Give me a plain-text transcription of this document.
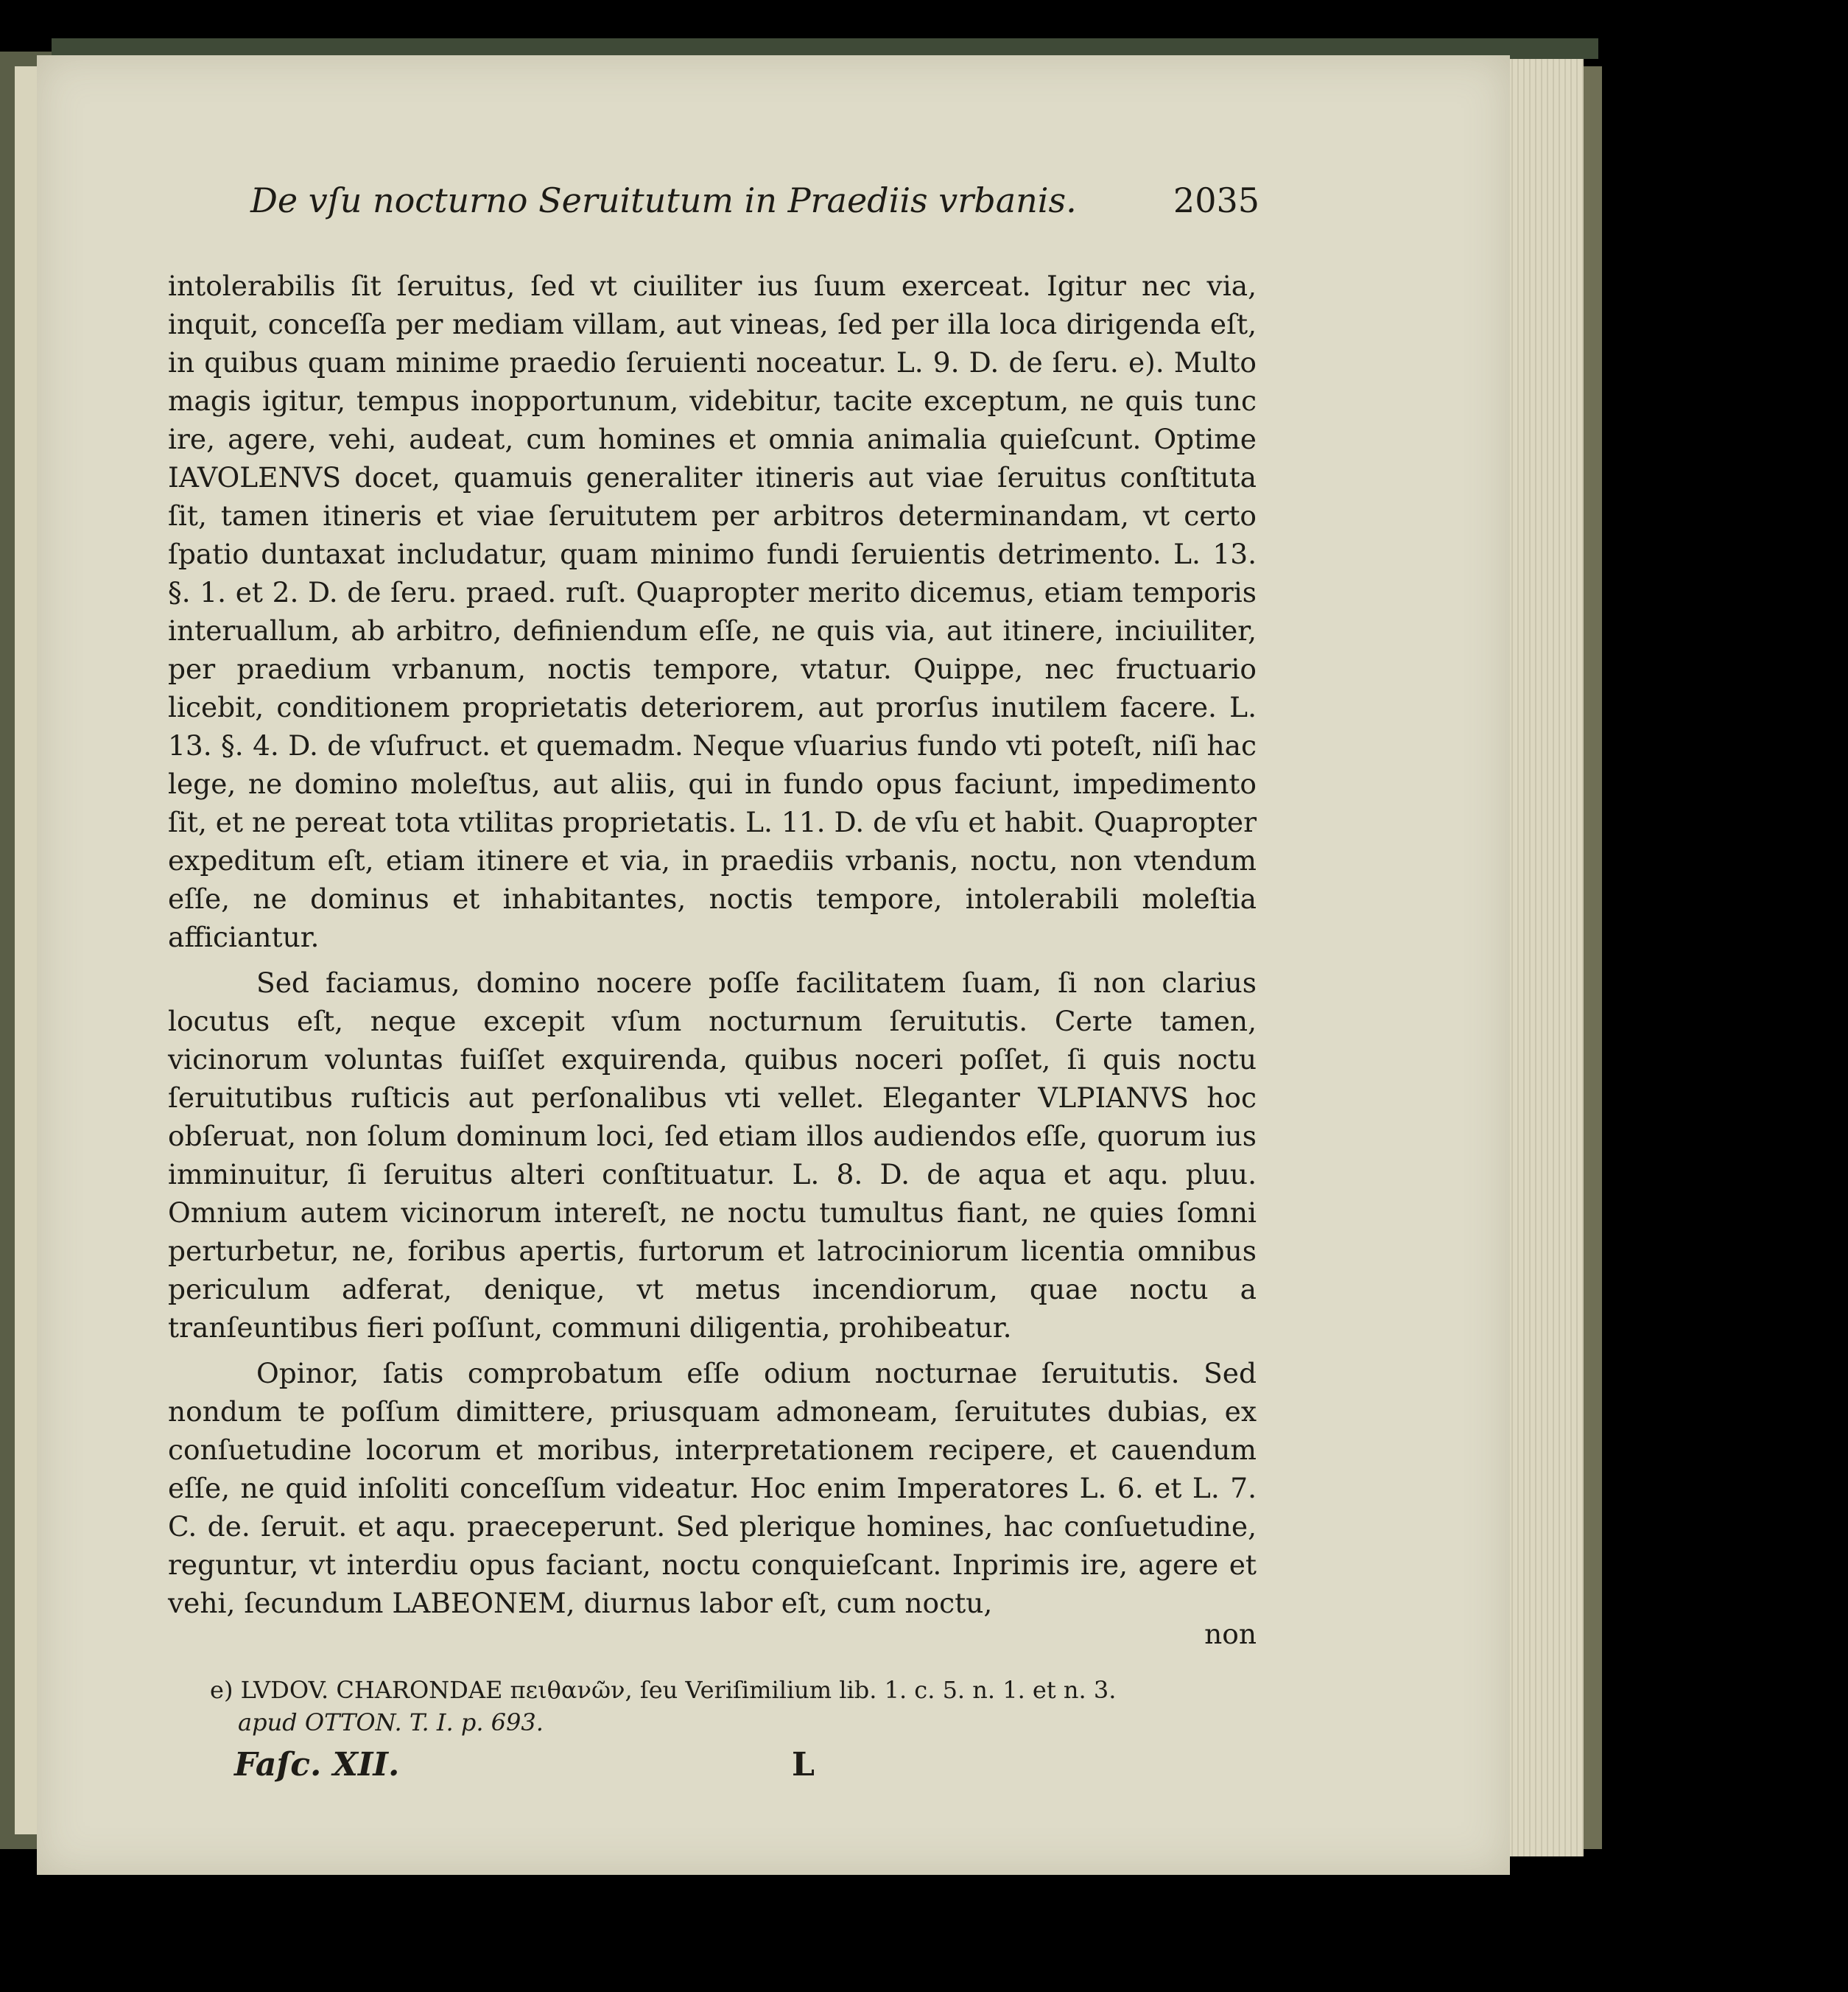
De vſu nocturno Seruitutum in Praediis vrbanis.	2035

intolerabilis ſit ſeruitus, ſed vt ciuiliter ius ſuum exerceat. Igitur nec via, inquit, conceſſa per mediam villam, aut vineas, ſed per illa loca dirigenda eſt, in quibus quam minime praedio ſeruienti noceatur. L. 9. D. de ſeru. e). Multo magis igitur, tempus inopportunum, videbitur, tacite exceptum, ne quis tunc ire, agere, vehi, audeat, cum homines et omnia animalia quieſcunt. Optime IAVOLENVS docet, quamuis generaliter itineris aut viae ſeruitus conſtituta ſit, tamen itineris et viae ſeruitutem per arbitros determinandam, vt certo ſpatio duntaxat includatur, quam minimo fundi ſeruientis detrimento. L. 13. §. 1. et 2. D. de ſeru. praed. ruſt. Quapropter merito dicemus, etiam temporis interuallum, ab arbitro, definiendum eſſe, ne quis via, aut itinere, inciuiliter, per praedium vrbanum, noctis tempore, vtatur. Quippe, nec fructuario licebit, conditionem proprietatis deteriorem, aut prorſus inutilem facere. L. 13. §. 4. D. de vſufruct. et quemadm. Neque vſuarius fundo vti poteſt, niſi hac lege, ne domino moleſtus, aut aliis, qui in fundo opus faciunt, impedimento ſit, et ne pereat tota vtilitas proprietatis. L. 11. D. de vſu et habit. Quapropter expeditum eſt, etiam itinere et via, in praediis vrbanis, noctu, non vtendum eſſe, ne dominus et inhabitantes, noctis tempore, intolerabili moleſtia afficiantur.

Sed faciamus, domino nocere poſſe facilitatem ſuam, ſi non clarius locutus eſt, neque excepit vſum nocturnum ſeruitutis. Certe tamen, vicinorum voluntas fuiſſet exquirenda, quibus noceri poſſet, ſi quis noctu ſeruitutibus ruſticis aut perſonalibus vti vellet. Eleganter VLPIANVS hoc obſeruat, non ſolum dominum loci, ſed etiam illos audiendos eſſe, quorum ius imminuitur, ſi ſeruitus alteri conſtituatur. L. 8. D. de aqua et aqu. pluu. Omnium autem vicinorum intereſt, ne noctu tumultus fiant, ne quies ſomni perturbetur, ne, foribus apertis, furtorum et latrociniorum licentia omnibus periculum adferat, denique, vt metus incendiorum, quae noctu a tranſeuntibus fieri poſſunt, communi diligentia, prohibeatur.

Opinor, ſatis comprobatum eſſe odium nocturnae ſeruitutis. Sed nondum te poſſum dimittere, priusquam admoneam, ſeruitutes dubias, ex conſuetudine locorum et moribus, interpretationem recipere, et cauendum eſſe, ne quid inſoliti conceſſum videatur. Hoc enim Imperatores L. 6. et L. 7. C. de. ſeruit. et aqu. praeceperunt. Sed plerique homines, hac conſuetudine, reguntur, vt interdiu opus faciant, noctu conquieſcant. Inprimis ire, agere et vehi, ſecundum LABEONEM, diurnus labor eſt, cum noctu,

non

e) LVDOV. CHARONDAE πειθανῶν, ſeu Veriſimilium lib. 1. c. 5. n. 1. et n. 3.

apud OTTON. T. I. p. 693.

Faſc. XII.	L
